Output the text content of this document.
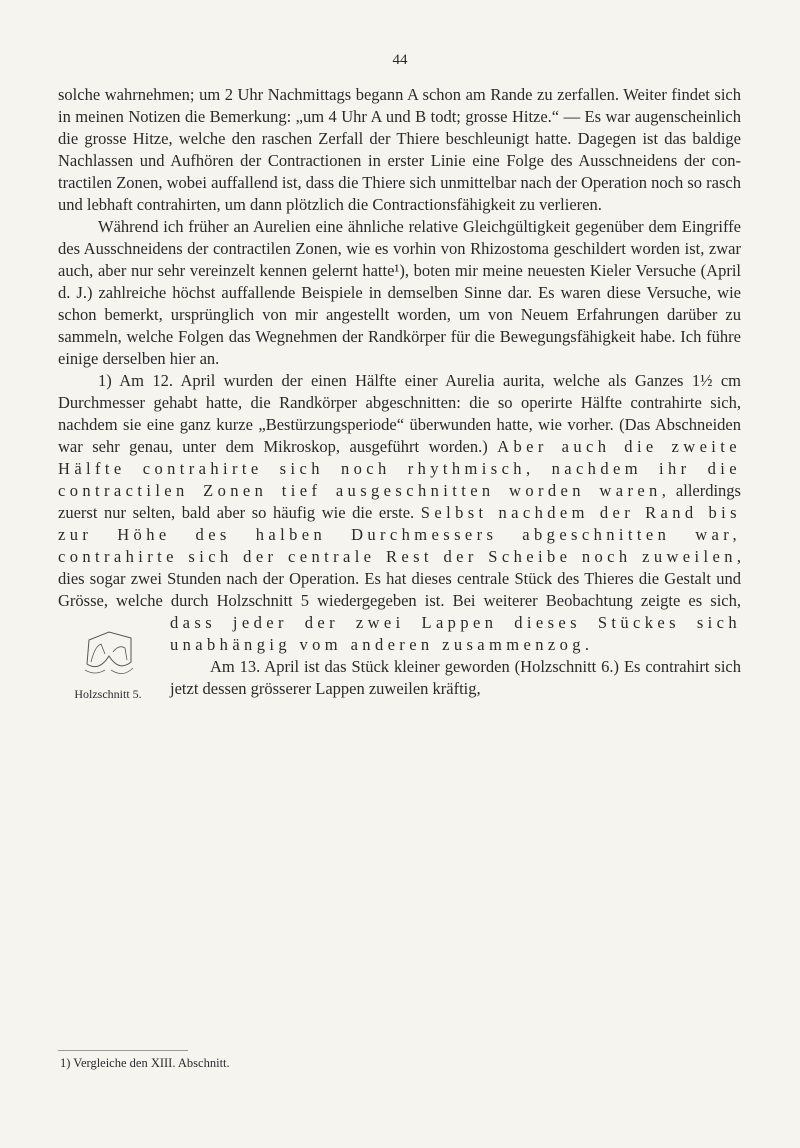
44

solche wahrnehmen; um 2 Uhr Nachmittags begann A schon am Rande zu zerfallen. Weiter findet sich in meinen Notizen die Bemerkung: „um 4 Uhr A und B todt; grosse Hitze.“ — Es war augenscheinlich die grosse Hitze, welche den raschen Zerfall der Thiere beschleunigt hatte. Dagegen ist das baldige Nachlassen und Aufhören der Contractionen in erster Linie eine Folge des Ausschneidens der contractilen Zonen, wobei auffallend ist, dass die Thiere sich unmittelbar nach der Operation noch so rasch und lebhaft contrahirten, um dann plötzlich die Contractionsfähigkeit zu verlieren.

Während ich früher an Aurelien eine ähnliche relative Gleichgültigkeit gegenüber dem Eingriffe des Ausschneidens der contractilen Zonen, wie es vorhin von Rhizostoma geschildert worden ist, zwar auch, aber nur sehr vereinzelt kennen gelernt hatte¹), boten mir meine neuesten Kieler Versuche (April d. J.) zahlreiche höchst auffallende Beispiele in demselben Sinne dar. Es waren diese Versuche, wie schon bemerkt, ursprünglich von mir angestellt worden, um von Neuem Erfahrungen darüber zu sammeln, welche Folgen das Wegnehmen der Randkörper für die Bewegungsfähigkeit habe. Ich führe einige derselben hier an.

1) Am 12. April wurden der einen Hälfte einer Aurelia aurita, welche als Ganzes 1½ cm Durchmesser gehabt hatte, die Randkörper abgeschnitten: die so operirte Hälfte contrahirte sich, nachdem sie eine ganz kurze „Bestürzungsperiode“ überwunden hatte, wie vorher. (Das Abschneiden war sehr genau, unter dem Mikroskop, ausgeführt worden.) Aber auch die zweite Hälfte contrahirte sich noch rhythmisch, nachdem ihr die contractilen Zonen tief ausgeschnitten worden waren, allerdings zuerst nur selten, bald aber so häufig wie die erste. Selbst nachdem der Rand bis zur Höhe des halben Durchmessers abgeschnitten war, contrahirte sich der centrale Rest der Scheibe noch zuweilen, dies sogar zwei Stunden nach der Operation. Es hat dieses centrale Stück des Thieres die Gestalt und Grösse, welche durch Holzschnitt 5 wiedergegeben ist. Bei weiterer Beobachtung zeigte es sich,
Holzschnitt 5.
dass jeder der zwei Lappen dieses Stückes sich unabhängig vom anderen zusammenzog.

Am 13. April ist das Stück kleiner geworden (Holzschnitt 6.) Es contrahirt sich jetzt dessen grösserer Lappen zuweilen kräftig,

1) Vergleiche den XIII. Abschnitt.
